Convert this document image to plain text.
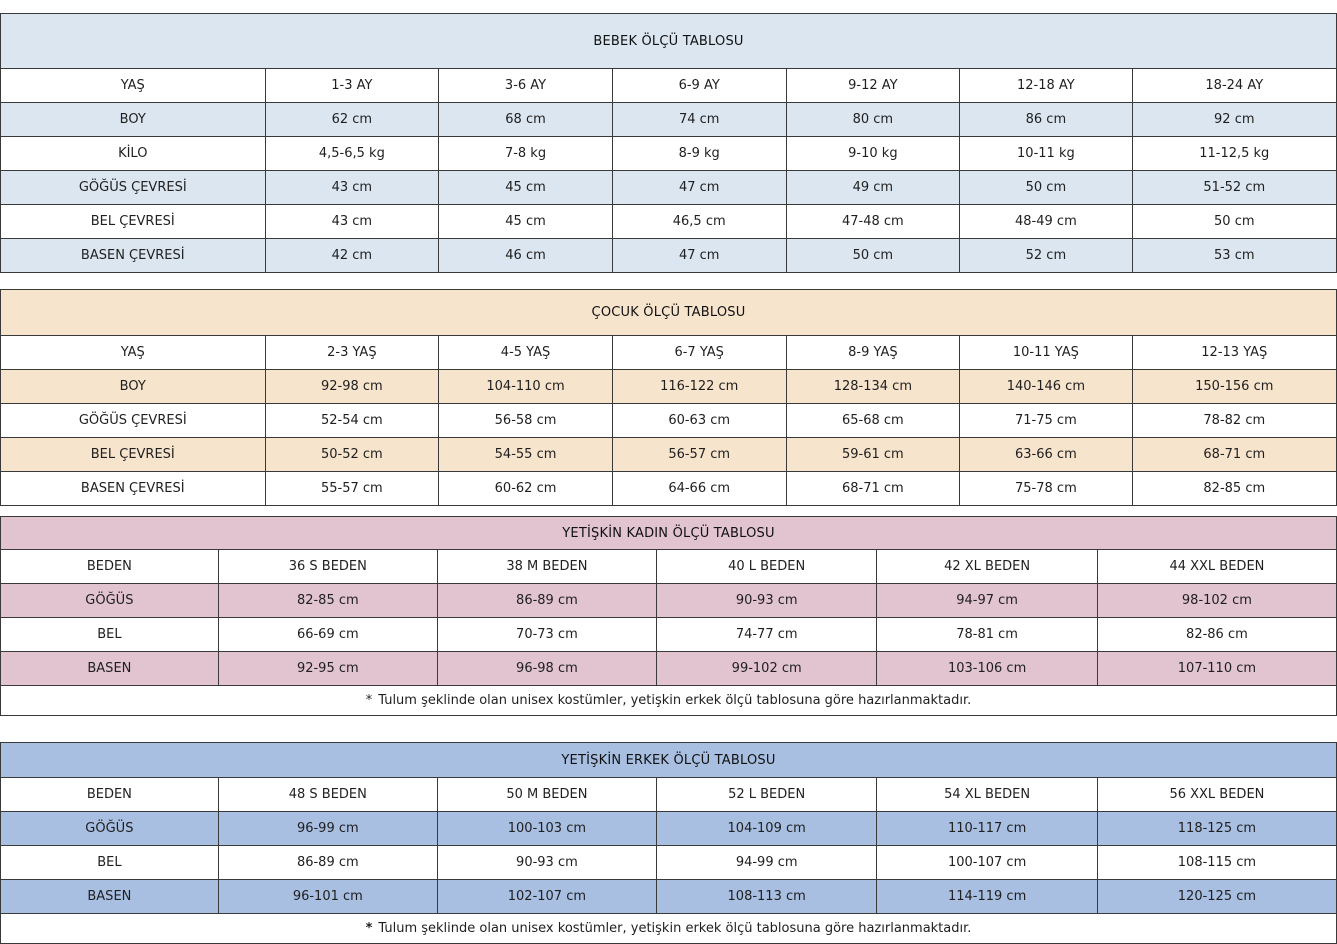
BEBEK ÖLÇÜ TABLOSU						
YAŞ	1-3 AY	3-6 AY	6-9 AY	9-12 AY	12-18 AY	18-24 AY
BOY	62 cm	68 cm	74 cm	80 cm	86 cm	92 cm
KİLO	4,5-6,5 kg	7-8 kg	8-9 kg	9-10 kg	10-11 kg	11-12,5 kg
GÖĞÜS ÇEVRESİ	43 cm	45 cm	47 cm	49 cm	50 cm	51-52 cm
BEL ÇEVRESİ	43 cm	45 cm	46,5 cm	47-48 cm	48-49 cm	50 cm
BASEN ÇEVRESİ	42 cm	46 cm	47 cm	50 cm	52 cm	53 cm
ÇOCUK ÖLÇÜ TABLOSU						
YAŞ	2-3 YAŞ	4-5 YAŞ	6-7 YAŞ	8-9 YAŞ	10-11 YAŞ	12-13 YAŞ
BOY	92-98 cm	104-110 cm	116-122 cm	128-134 cm	140-146 cm	150-156 cm
GÖĞÜS ÇEVRESİ	52-54 cm	56-58 cm	60-63 cm	65-68 cm	71-75 cm	78-82 cm
BEL ÇEVRESİ	50-52 cm	54-55 cm	56-57 cm	59-61 cm	63-66 cm	68-71 cm
BASEN ÇEVRESİ	55-57 cm	60-62 cm	64-66 cm	68-71 cm	75-78 cm	82-85 cm
YETİŞKİN KADIN ÖLÇÜ TABLOSU					
BEDEN	36 S BEDEN	38 M BEDEN	40 L BEDEN	42 XL BEDEN	44 XXL BEDEN
GÖĞÜS	82-85 cm	86-89 cm	90-93 cm	94-97 cm	98-102 cm
BEL	66-69 cm	70-73 cm	74-77 cm	78-81 cm	82-86 cm
BASEN	92-95 cm	96-98 cm	99-102 cm	103-106 cm	107-110 cm
* Tulum şeklinde olan unisex kostümler, yetişkin erkek ölçü tablosuna göre hazırlanmaktadır.					
YETİŞKİN ERKEK ÖLÇÜ TABLOSU					
BEDEN	48 S BEDEN	50 M BEDEN	52 L BEDEN	54 XL BEDEN	56 XXL BEDEN
GÖĞÜS	96-99 cm	100-103 cm	104-109 cm	110-117 cm	118-125 cm
BEL	86-89 cm	90-93 cm	94-99 cm	100-107 cm	108-115 cm
BASEN	96-101 cm	102-107 cm	108-113 cm	114-119 cm	120-125 cm
* Tulum şeklinde olan unisex kostümler, yetişkin erkek ölçü tablosuna göre hazırlanmaktadır.					
